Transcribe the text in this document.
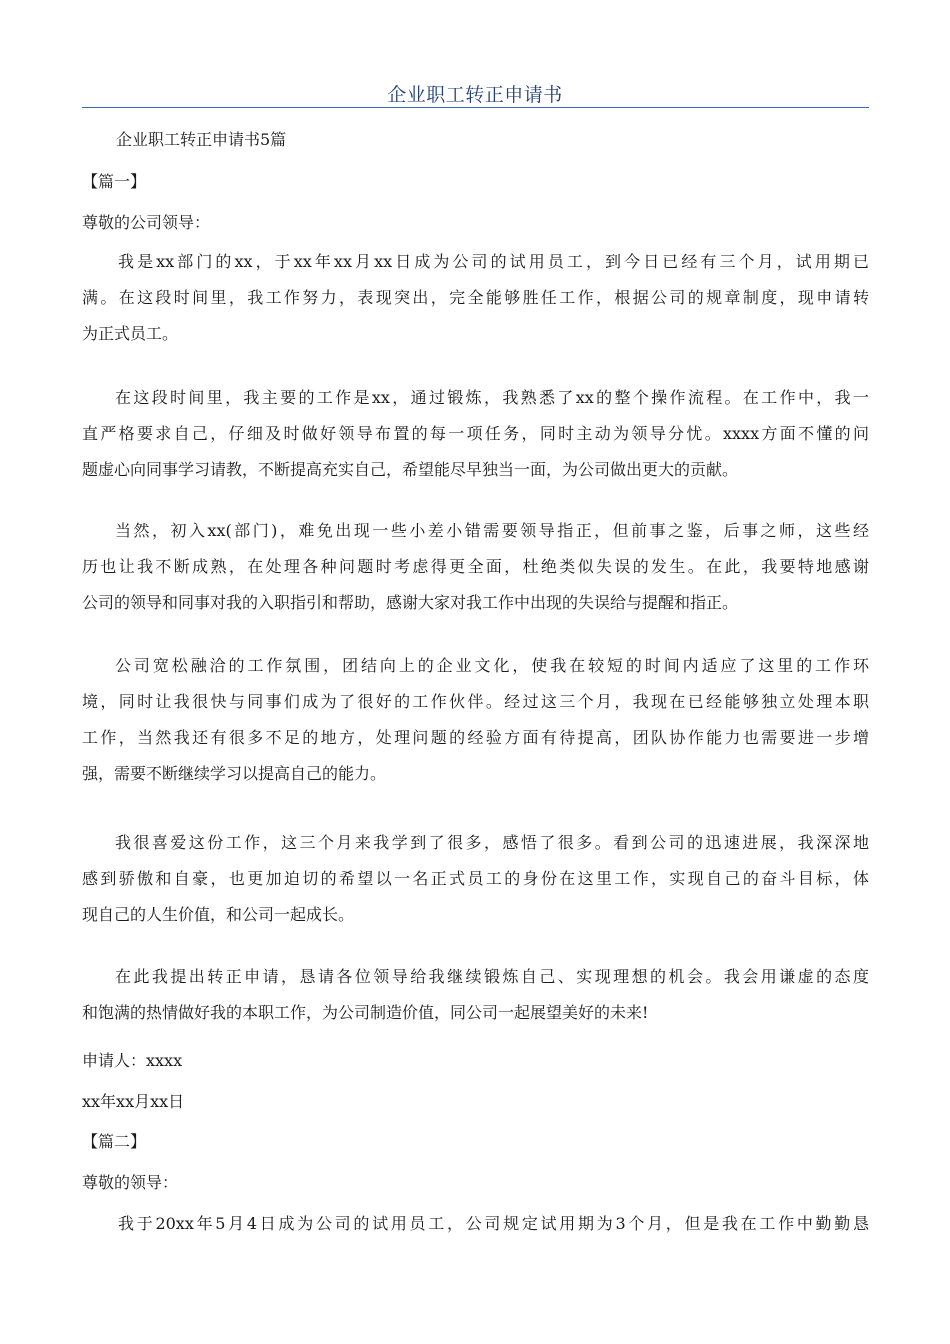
企业职工转正申请书
企业职工转正申请书5篇
【篇一】
尊敬的公司领导：
我是xx部门的xx，于xx年xx月xx日成为公司的试用员工，到今日已经有三个月，试用期已
满。在这段时间里，我工作努力，表现突出，完全能够胜任工作，根据公司的规章制度，现申请转
为正式员工。
在这段时间里，我主要的工作是xx，通过锻炼，我熟悉了xx的整个操作流程。在工作中，我一
直严格要求自己，仔细及时做好领导布置的每一项任务，同时主动为领导分忧。xxxx方面不懂的问
题虚心向同事学习请教，不断提高充实自己，希望能尽早独当一面，为公司做出更大的贡献。
当然，初入xx(部门)，难免出现一些小差小错需要领导指正，但前事之鉴，后事之师，这些经
历也让我不断成熟，在处理各种问题时考虑得更全面，杜绝类似失误的发生。在此，我要特地感谢
公司的领导和同事对我的入职指引和帮助，感谢大家对我工作中出现的失误给与提醒和指正。
公司宽松融洽的工作氛围，团结向上的企业文化，使我在较短的时间内适应了这里的工作环
境，同时让我很快与同事们成为了很好的工作伙伴。经过这三个月，我现在已经能够独立处理本职
工作，当然我还有很多不足的地方，处理问题的经验方面有待提高，团队协作能力也需要进一步增
强，需要不断继续学习以提高自己的能力。
我很喜爱这份工作，这三个月来我学到了很多，感悟了很多。看到公司的迅速进展，我深深地
感到骄傲和自豪，也更加迫切的希望以一名正式员工的身份在这里工作，实现自己的奋斗目标，体
现自己的人生价值，和公司一起成长。
在此我提出转正申请，恳请各位领导给我继续锻炼自己、实现理想的机会。我会用谦虚的态度
和饱满的热情做好我的本职工作，为公司制造价值，同公司一起展望美好的未来!
申请人：xxxx
xx年xx月xx日
【篇二】
尊敬的领导：
我于20xx年5月4日成为公司的试用员工，公司规定试用期为3个月，但是我在工作中勤勤恳
